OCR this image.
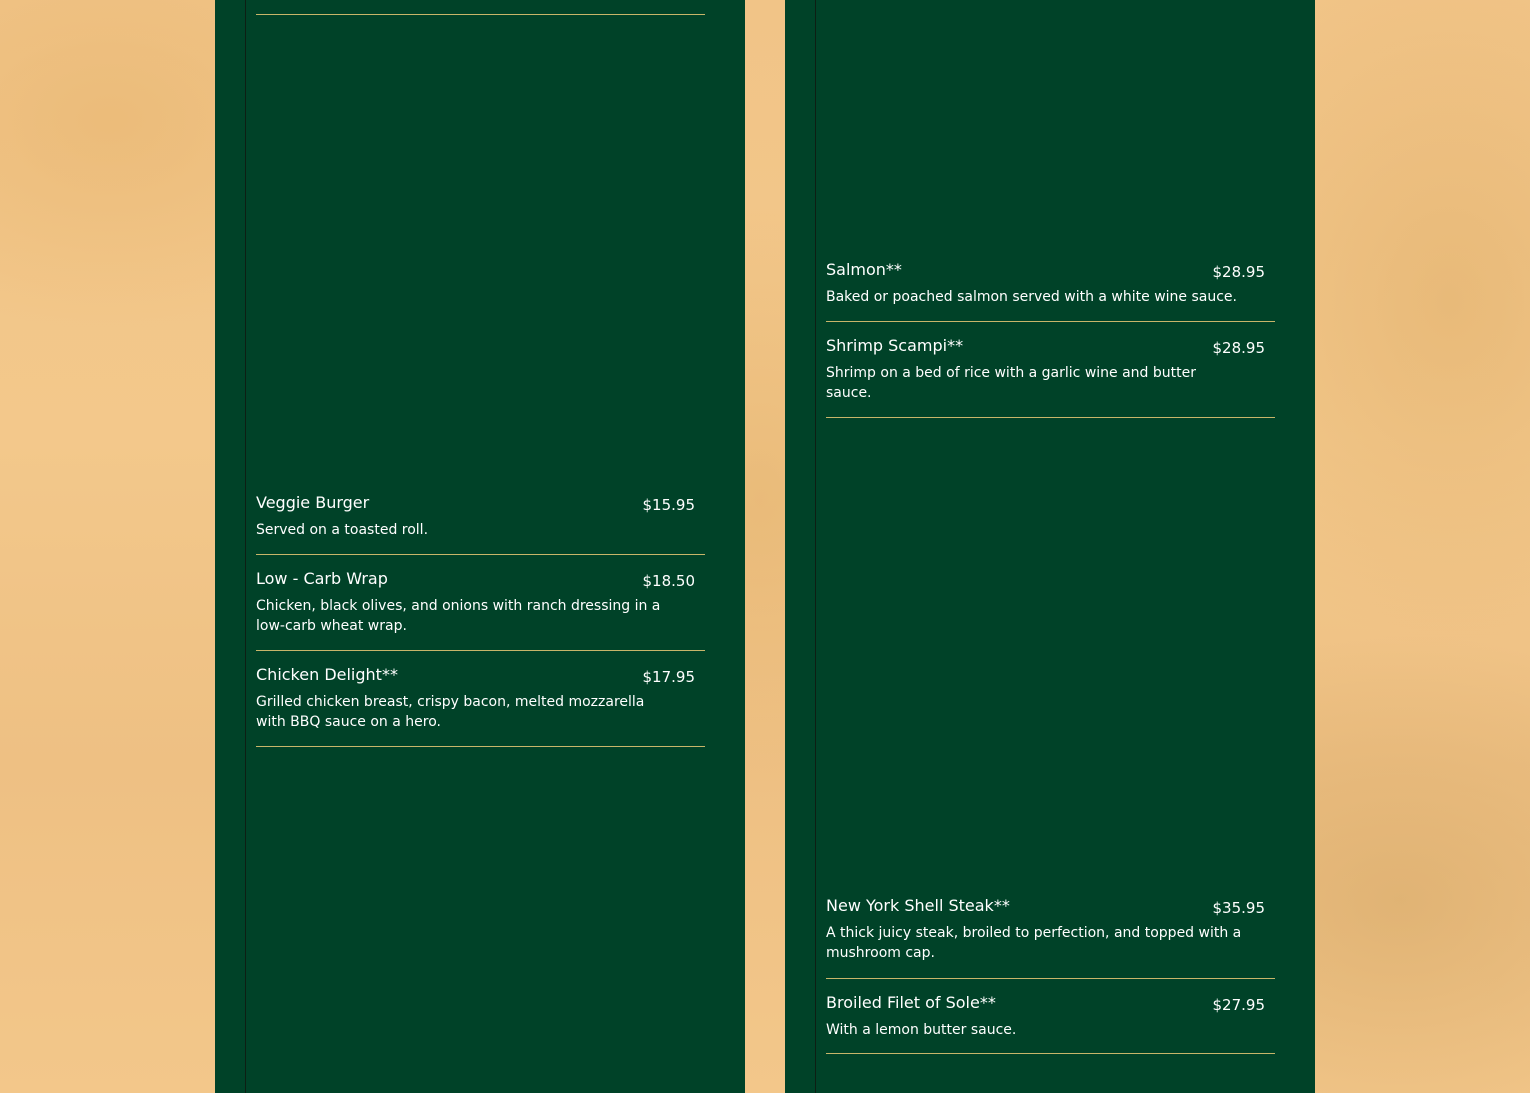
Veggie Burger	$15.95
Served on a toasted roll.
Low - Carb Wrap	$18.50
Chicken, black olives, and onions with ranch dressing in a low-carb wheat wrap.
Chicken Delight**	$17.95
Grilled chicken breast, crispy bacon, melted mozzarella with BBQ sauce on a hero.
Salmon**	$28.95
Baked or poached salmon served with a white wine sauce.
Shrimp Scampi**	$28.95
Shrimp on a bed of rice with a garlic wine and butter sauce.
New York Shell Steak**	$35.95
A thick juicy steak, broiled to perfection, and topped with a mushroom cap.
Broiled Filet of Sole**	$27.95
With a lemon butter sauce.
